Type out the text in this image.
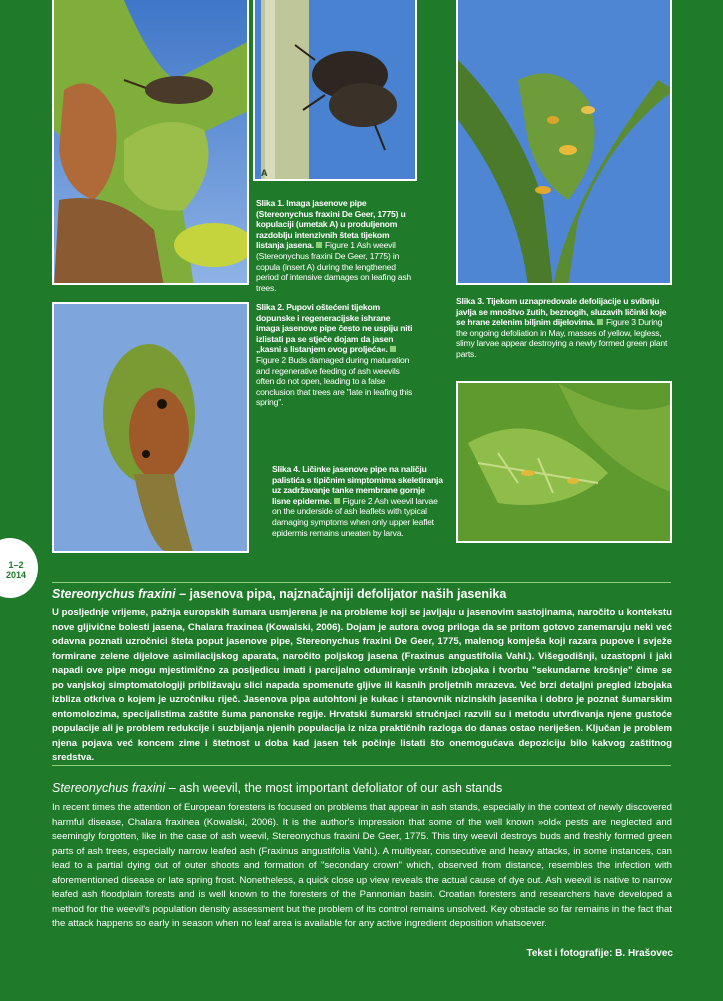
A
Slika 1. Imaga jasenove pipe (Stereonychus fraxini De Geer, 1775) u kopulaciji (umetak A) u produljenom razdoblju intenzivnih šteta tijekom listanja jasena. Figure 1 Ash weevil (Stereonychus fraxini De Geer, 1775) in copula (insert A) during the lengthened period of intensive damages on leafing ash trees.
Slika 2. Pupovi oštećeni tijekom dopunske i regeneracijske ishrane imaga jasenove pipe često ne uspiju niti izlistati pa se stječe dojam da jasen „kasni s listanjem ovog proljeća«.Figure 2 Buds damaged during maturation and regenerative feeding of ash weevils often do not open, leading to a false conclusion that trees are "late in leafing this spring".
Slika 3. Tijekom uznapredovale defolijacije u svibnju javlja se mnoštvo žutih, beznogih, sluzavih ličinki koje se hrane zelenim biljnim dijelovima. Figure 3 During the ongoing defoliation in May, masses of yellow, legless, slimy larvae appear destroying a newly formed green plant parts.
Slika 4. Ličinke jasenove pipe na naličju palistića s tipičnim simptomima skeletiranja uz zadržavanje tanke membrane gornje lisne epiderme. Figure 2 Ash weevil larvae on the underside of ash leaflets with typical damaging symptoms when only upper leaflet epidermis remains uneaten by larva.
1–2
2014
Stereonychus fraxini – jasenova pipa, najznačajniji defolijator naših jasenika

U posljednje vrijeme, pažnja europskih šumara usmjerena je na probleme koji se javljaju u jasenovim sastojinama, naročito u kontekstu nove gljivične bolesti jasena, Chalara fraxinea (Kowalski, 2006). Dojam je autora ovog priloga da se pritom gotovo zanemaruju neki već odavna poznati uzročnici šteta poput jasenove pipe, Stereonychus fraxini De Geer, 1775, malenog komješa koji razara pupove i svježe formirane zelene dijelove asimilacijskog aparata, naročito poljskog jasena (Fraxinus angustifolia Vahl.). Višegodišnji, uzastopni i jaki napadi ove pipe mogu mjestimično za posljedicu imati i parcijalno odumiranje vršnih izbojaka i tvorbu "sekundarne krošnje" čime se po vanjskoj simptomatologiji približavaju slici napada spomenute gljive ili kasnih proljetnih mrazeva. Već brzi detaljni pregled izbojaka izbliza otkriva o kojem je uzročniku riječ. Jasenova pipa autohtoni je kukac i stanovnik nizinskih jasenika i dobro je poznat šumarskim entomolozima, specijalistima zaštite šuma panonske regije. Hrvatski šumarski stručnjaci razvili su i metodu utvrđivanja njene gustoće populacije ali je problem redukcije i suzbijanja njenih populacija iz niza praktičnih razloga do danas ostao neriješen. Ključan je problem njena pojava već koncem zime i štetnost u doba kad jasen tek počinje listati što onemogućava depoziciju bilo kakvog zaštitnog sredstva.

Stereonychus fraxini – ash weevil, the most important defoliator of our ash stands

In recent times the attention of European foresters is focused on problems that appear in ash stands, especially in the context of newly discovered harmful disease, Chalara fraxinea (Kowalski, 2006). It is the author's impression that some of the well known »old« pests are neglected and seemingly forgotten, like in the case of ash weevil, Stereonychus fraxini De Geer, 1775. This tiny weevil destroys buds and freshly formed green parts of ash trees, especially narrow leafed ash (Fraxinus angustifolia Vahl.). A multiyear, consecutive and heavy attacks, in some instances, can lead to a partial dying out of outer shoots and formation of "secondary crown" which, observed from distance, resembles the infection with aforementioned disease or late spring frost. Nonetheless, a quick close up view reveals the actual cause of dye out. Ash weevil is native to narrow leafed ash floodplain forests and is well known to the foresters of the Pannonian basin. Croatian foresters and researchers have developed a method for the weevil's population density assessment but the problem of its control remains unsolved. Key obstacle so far remains in the fact that the attack happens so early in season when no leaf area is available for any active ingredient deposition whatsoever.

Tekst i fotografije: B. Hrašovec
